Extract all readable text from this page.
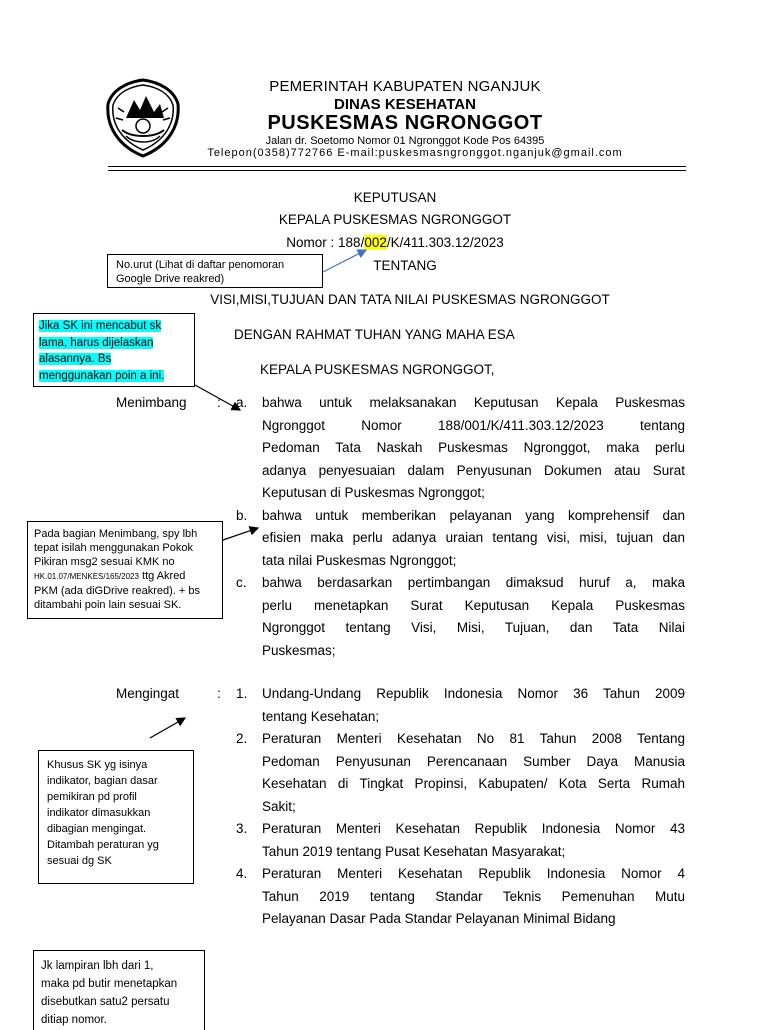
PEMERINTAH KABUPATEN NGANJUK
DINAS KESEHATAN
PUSKESMAS NGRONGGOT
Jalan dr. Soetomo Nomor 01 Ngronggot Kode Pos 64395
Telepon(0358)772766 E-mail:puskesmasngronggot.nganjuk@gmail.com
KEPUTUSAN
KEPALA PUSKESMAS NGRONGGOT
Nomor : 188/002/K/411.303.12/2023
TENTANG
VISI,MISI,TUJUAN DAN TATA NILAI PUSKESMAS NGRONGGOT
DENGAN RAHMAT TUHAN YANG MAHA ESA
KEPALA PUSKESMAS NGRONGGOT,
Menimbang : a. bahwa untuk melaksanakan Keputusan Kepala Puskesmas
Ngronggot Nomor 188/001/K/411.303.12/2023 tentang
Pedoman Tata Naskah Puskesmas Ngronggot, maka perlu
adanya penyesuaian dalam Penyusunan Dokumen atau Surat
Keputusan di Puskesmas Ngronggot;
b. bahwa untuk memberikan pelayanan yang komprehensif dan
efisien maka perlu adanya uraian tentang visi, misi, tujuan dan
tata nilai Puskesmas Ngronggot;
c. bahwa berdasarkan pertimbangan dimaksud huruf a, maka
perlu menetapkan Surat Keputusan Kepala Puskesmas
Ngronggot tentang Visi, Misi, Tujuan, dan Tata Nilai
Puskesmas;
Mengingat	: 1. Undang-Undang Republik Indonesia Nomor 36 Tahun 2009
tentang Kesehatan;
2. Peraturan Menteri Kesehatan No 81 Tahun 2008 Tentang
Pedoman Penyusunan Perencanaan Sumber Daya Manusia
Kesehatan di Tingkat Propinsi, Kabupaten/ Kota Serta Rumah
Sakit;
3. Peraturan Menteri Kesehatan Republik Indonesia Nomor 43
Tahun 2019 tentang Pusat Kesehatan Masyarakat;
4. Peraturan Menteri Kesehatan Republik Indonesia Nomor 4
Tahun 2019 tentang Standar Teknis Pemenuhan Mutu
Pelayanan Dasar Pada Standar Pelayanan Minimal Bidang
No.urut (Lihat di daftar penomoran
Google Drive reakred)
Jika SK ini mencabut sk
lama, harus dijelaskan
alasannya. Bs
menggunakan poin a ini.
Pada bagian Menimbang, spy lbh
tepat isilah menggunakan Pokok
Pikiran msg2 sesuai KMK no
HK.01.07/MENKES/165/2023 ttg Akred
PKM (ada diGDrive reakred). + bs
ditambahi poin lain sesuai SK.
Khusus SK yg isinya
indikator, bagian dasar
pemikiran pd profil
indikator dimasukkan
dibagian mengingat.
Ditambah peraturan yg
sesuai dg SK
Jk lampiran lbh dari 1,
maka pd butir menetapkan
disebutkan satu2 persatu
ditiap nomor.
